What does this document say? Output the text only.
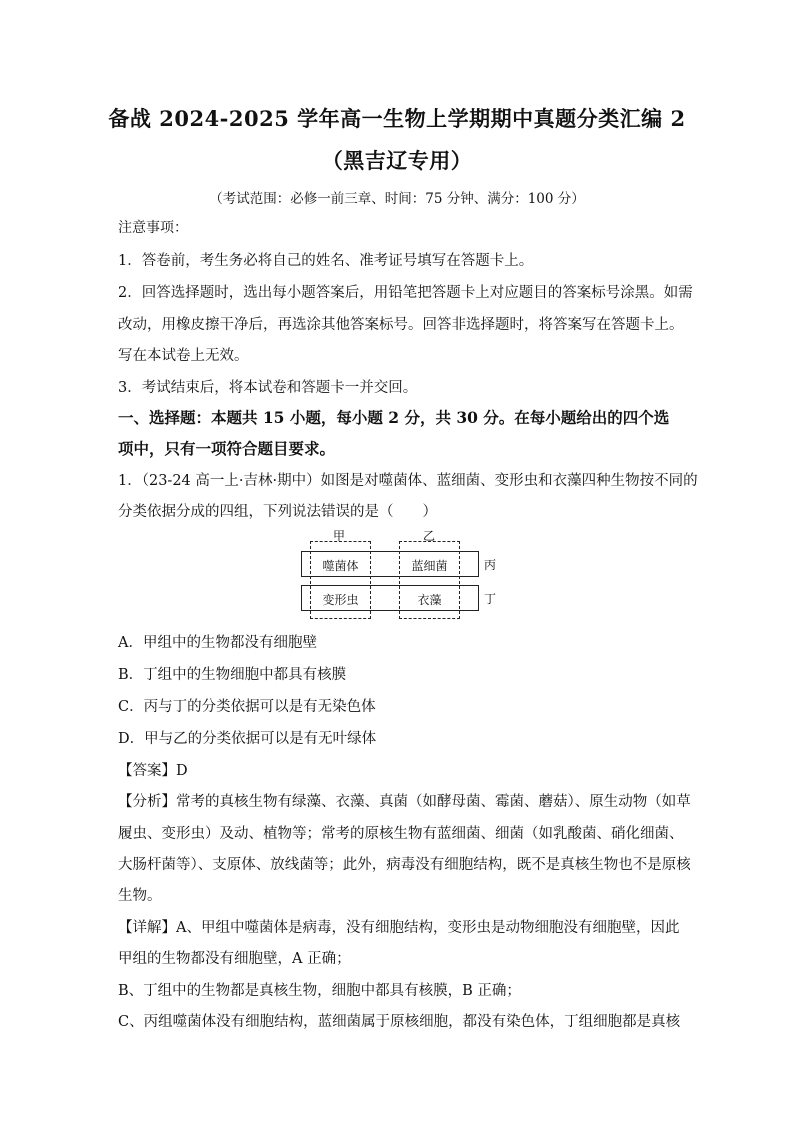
备战 2024-2025 学年高一生物上学期期中真题分类汇编 2
（黑吉辽专用）
（考试范围：必修一前三章、时间：75 分钟、满分：100 分）
注意事项：
1．答卷前，考生务必将自己的姓名、准考证号填写在答题卡上。
2．回答选择题时，选出每小题答案后，用铅笔把答题卡上对应题目的答案标号涂黑。如需
改动，用橡皮擦干净后，再选涂其他答案标号。回答非选择题时，将答案写在答题卡上。
写在本试卷上无效。
3．考试结束后，将本试卷和答题卡一并交回。
一、选择题：本题共 15 小题，每小题 2 分，共 30 分。在每小题给出的四个选
项中，只有一项符合题目要求。
1．（23-24 高一上·吉林·期中）如图是对噬菌体、蓝细菌、变形虫和衣藻四种生物按不同的
分类依据分成的四组，下列说法错误的是（　　）
甲	乙
噬菌体	蓝细菌
变形虫	衣藻
丙
丁
A．甲组中的生物都没有细胞壁
B．丁组中的生物细胞中都具有核膜
C．丙与丁的分类依据可以是有无染色体
D．甲与乙的分类依据可以是有无叶绿体
【答案】D
【分析】常考的真核生物有绿藻、衣藻、真菌（如酵母菌、霉菌、蘑菇）、原生动物（如草
履虫、变形虫）及动、植物等；常考的原核生物有蓝细菌、细菌（如乳酸菌、硝化细菌、
大肠杆菌等）、支原体、放线菌等；此外，病毒没有细胞结构，既不是真核生物也不是原核
生物。
【详解】A、甲组中噬菌体是病毒，没有细胞结构，变形虫是动物细胞没有细胞壁，因此
甲组的生物都没有细胞壁，A 正确；
B、丁组中的生物都是真核生物，细胞中都具有核膜，B 正确；
C、丙组噬菌体没有细胞结构，蓝细菌属于原核细胞，都没有染色体，丁组细胞都是真核
